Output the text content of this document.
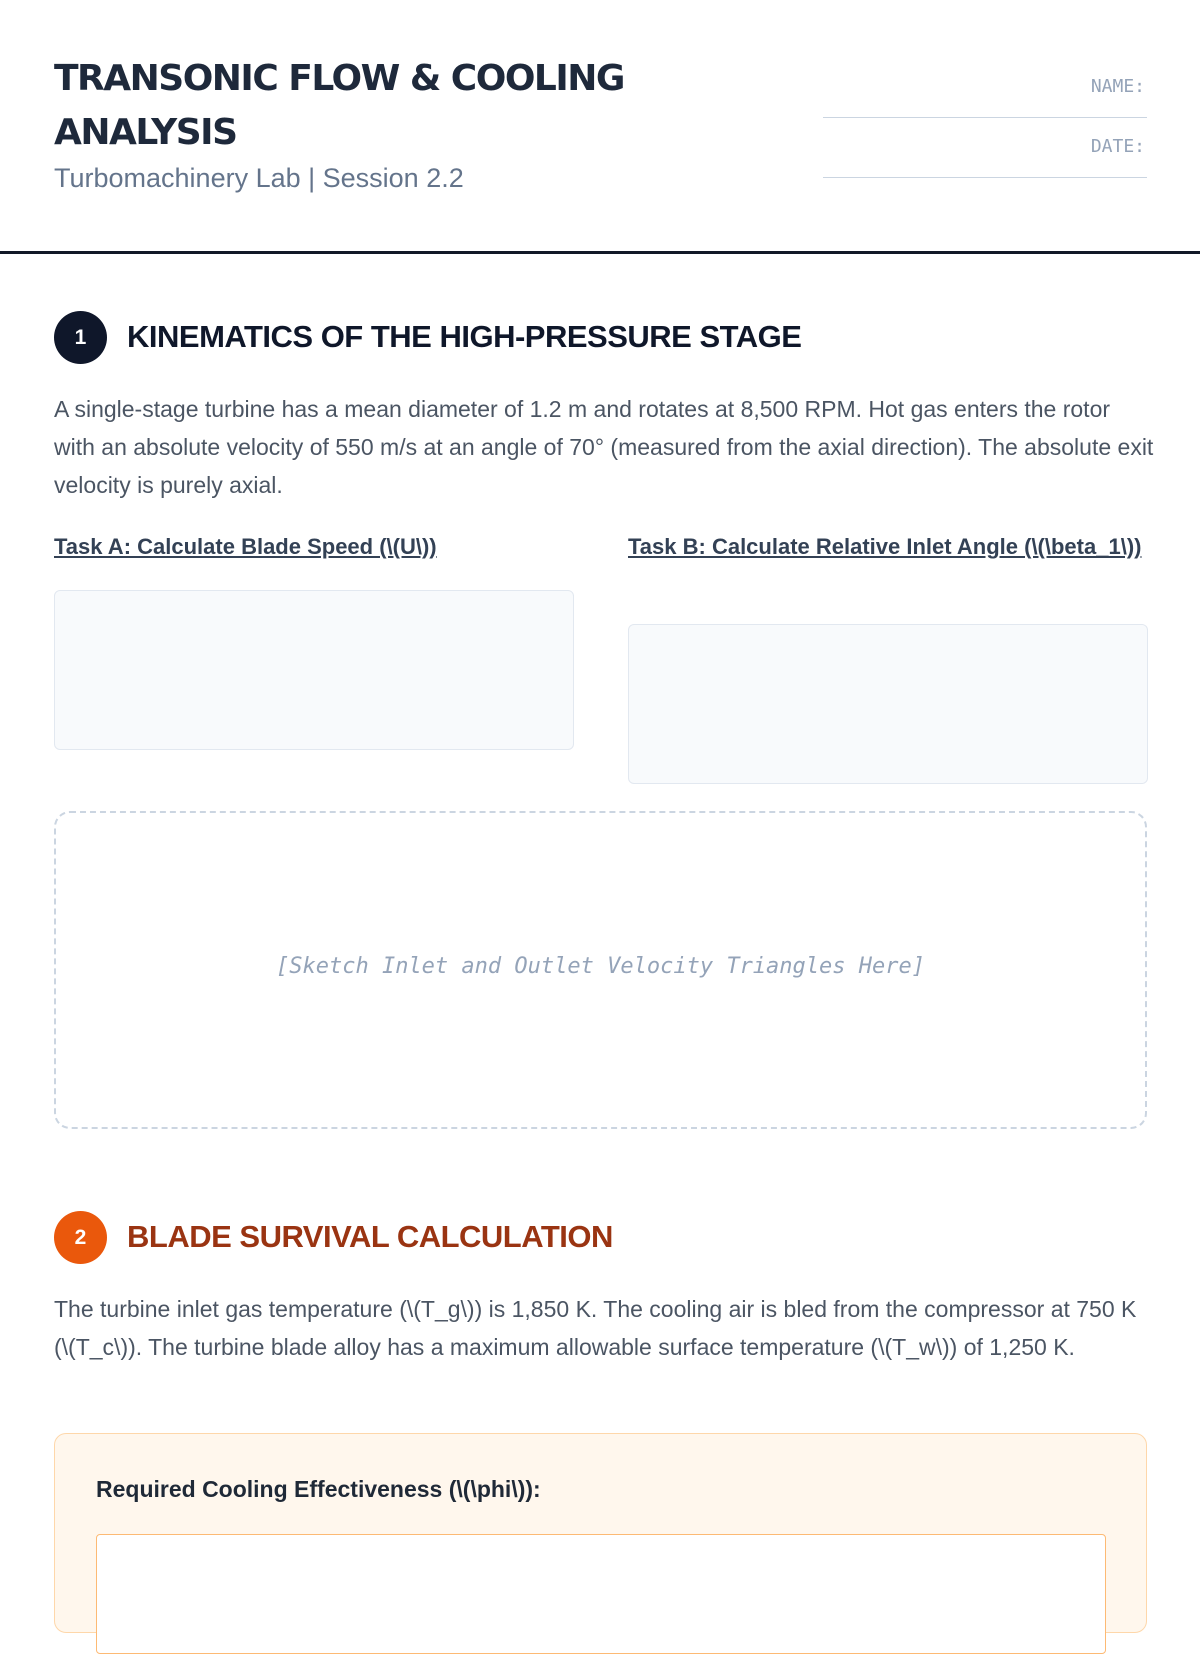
TRANSONIC FLOW & COOLING ANALYSIS
Turbomachinery Lab | Session 2.2
NAME:
DATE:
1	KINEMATICS OF THE HIGH-PRESSURE STAGE

A single-stage turbine has a mean diameter of 1.2 m and rotates at 8,500 RPM. Hot gas enters the rotor with an absolute velocity of 550 m/s at an angle of 70° (measured from the axial direction). The absolute exit velocity is purely axial.

Task A: Calculate Blade Speed (\(U\))	Task B: Calculate Relative Inlet Angle (\(\beta_1\))

[Sketch Inlet and Outlet Velocity Triangles Here]
2	BLADE SURVIVAL CALCULATION

The turbine inlet gas temperature (\(T_g\)) is 1,850 K. The cooling air is bled from the compressor at 750 K (\(T_c\)). The turbine blade alloy has a maximum allowable surface temperature (\(T_w\)) of 1,250 K.

Required Cooling Effectiveness (\(\phi\)):
